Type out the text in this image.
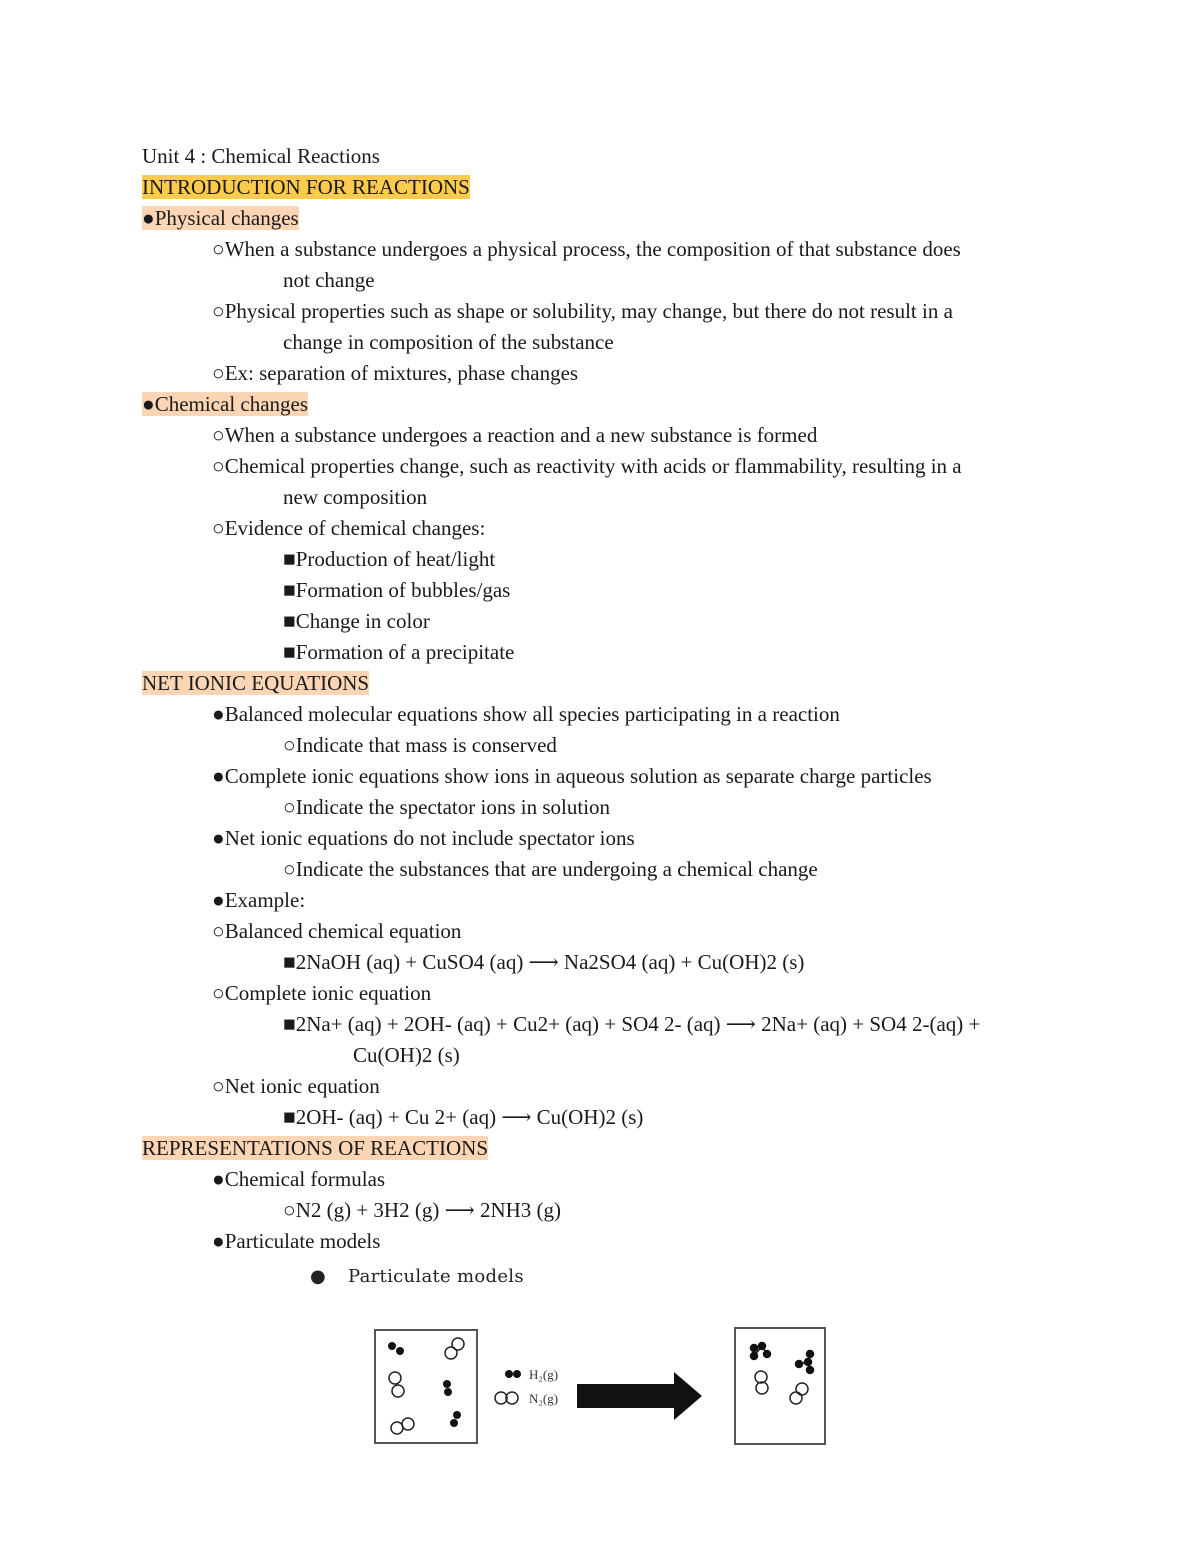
Unit 4 : Chemical Reactions
INTRODUCTION FOR REACTIONS
●Physical changes
○When a substance undergoes a physical process, the composition of that substance does
not change
○Physical properties such as shape or solubility, may change, but there do not result in a
change in composition of the substance
○Ex: separation of mixtures, phase changes
●Chemical changes
○When a substance undergoes a reaction and a new substance is formed
○Chemical properties change, such as reactivity with acids or flammability, resulting in a
new composition
○Evidence of chemical changes:
■Production of heat/light
■Formation of bubbles/gas
■Change in color
■Formation of a precipitate
NET IONIC EQUATIONS
●Balanced molecular equations show all species participating in a reaction
○Indicate that mass is conserved
●Complete ionic equations show ions in aqueous solution as separate charge particles
○Indicate the spectator ions in solution
●Net ionic equations do not include spectator ions
○Indicate the substances that are undergoing a chemical change
●Example:
○Balanced chemical equation
■2NaOH (aq) + CuSO4 (aq) ⟶ Na2SO4 (aq) + Cu(OH)2 (s)
○Complete ionic equation
■2Na+ (aq) + 2OH- (aq) + Cu2+ (aq) + SO4 2- (aq) ⟶ 2Na+ (aq) + SO4 2-(aq) +
Cu(OH)2 (s)
○Net ionic equation
■2OH- (aq) + Cu 2+ (aq) ⟶ Cu(OH)2 (s)
REPRESENTATIONS OF REACTIONS
●Chemical formulas
○N2 (g) + 3H2 (g) ⟶ 2NH3 (g)
●Particulate models
● Particulate models
H₂(g)
N₂(g)
